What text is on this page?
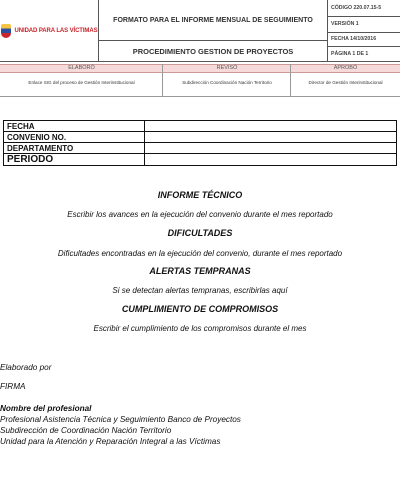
UNIDAD PARA LAS VÍCTIMAS
FORMATO PARA EL INFORME MENSUAL DE SEGUIMIENTO
PROCEDIMIENTO GESTION DE PROYECTOS
CÓDIGO 220.07.15-5
VERSIÓN 1
FECHA 14/10/2016
PÁGINA 1 DE 1
ELABORÓ	REVISÓ	APROBÓ
Enlace SIG del proceso de Gestión Interinstitucional	Subdirección Coordinación Nación Territorio	Director de Gestión Interinstitucional
FECHA	
CONVENIO NO.	
DEPARTAMENTO	
PERIODO	
INFORME TÉCNICO
Escribir los avances en la ejecución del convenio durante el mes reportado
DIFICULTADES
Dificultades encontradas en la ejecución del convenio, durante el mes reportado
ALERTAS TEMPRANAS
Si se detectan alertas tempranas, escribirlas aquí
CUMPLIMIENTO DE COMPROMISOS
Escribir el cumplimiento de los compromisos durante el mes
Elaborado por
FIRMA
Nombre del profesional
Profesional Asistencia Técnica y Seguimiento Banco de Proyectos
Subdirección de Coordinación Nación Territorio
Unidad para la Atención y Reparación Integral a las Víctimas
